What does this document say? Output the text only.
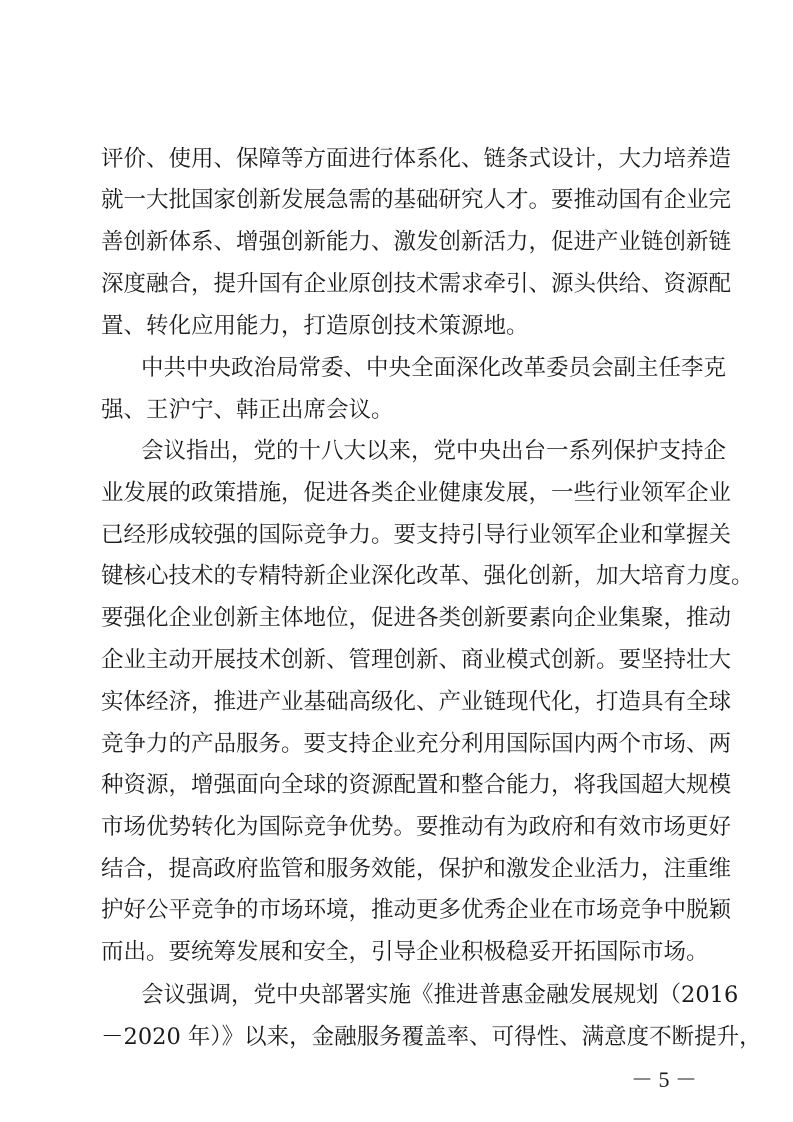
评价、使用、保障等方面进行体系化、链条式设计，大力培养造
就一大批国家创新发展急需的基础研究人才。要推动国有企业完
善创新体系、增强创新能力、激发创新活力，促进产业链创新链
深度融合，提升国有企业原创技术需求牵引、源头供给、资源配
置、转化应用能力，打造原创技术策源地。
中共中央政治局常委、中央全面深化改革委员会副主任李克
强、王沪宁、韩正出席会议。
会议指出，党的十八大以来，党中央出台一系列保护支持企
业发展的政策措施，促进各类企业健康发展，一些行业领军企业
已经形成较强的国际竞争力。要支持引导行业领军企业和掌握关
键核心技术的专精特新企业深化改革、强化创新，加大培育力度。
要强化企业创新主体地位，促进各类创新要素向企业集聚，推动
企业主动开展技术创新、管理创新、商业模式创新。要坚持壮大
实体经济，推进产业基础高级化、产业链现代化，打造具有全球
竞争力的产品服务。要支持企业充分利用国际国内两个市场、两
种资源，增强面向全球的资源配置和整合能力，将我国超大规模
市场优势转化为国际竞争优势。要推动有为政府和有效市场更好
结合，提高政府监管和服务效能，保护和激发企业活力，注重维
护好公平竞争的市场环境，推动更多优秀企业在市场竞争中脱颖
而出。要统筹发展和安全，引导企业积极稳妥开拓国际市场。
会议强调，党中央部署实施《推进普惠金融发展规划（2016
－2020 年）》以来，金融服务覆盖率、可得性、满意度不断提升，
－ 5 －
